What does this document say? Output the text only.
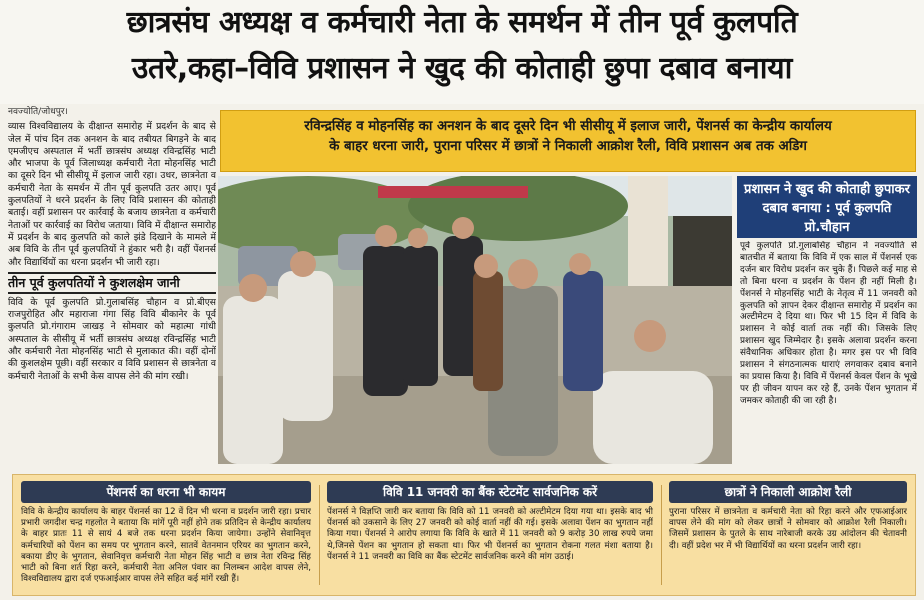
छात्रसंघ अध्यक्ष व कर्मचारी नेता के समर्थन में तीन पूर्व कुलपति
उतरे,कहा–विवि प्रशासन ने खुद की कोताही छुपा दबाव बनाया
नवज्योति/जोधपुर।
व्यास विश्वविद्यालय के दीक्षान्त समारोह में प्रदर्शन के बाद से जेल में पांच दिन तक अनशन के बाद तबीयत बिगड़ने के बाद एमजीएच अस्पताल में भर्ती छात्रसंघ अध्यक्ष रविन्द्रसिंह भाटी और भाजपा के पूर्व जिलाध्यक्ष कर्मचारी नेता मोहनसिंह भाटी का दूसरे दिन भी सीसीयू में इलाज जारी रहा। उधर, छात्रनेता व कर्मचारी नेता के समर्थन में तीन पूर्व कुलपति उतर आए। पूर्व कुलपतियों ने धरने प्रदर्शन के लिए विवि प्रशासन की कोताही बताई। वहीं प्रशासन पर कार्रवाई के बजाय छात्रनेता व कर्मचारी नेताओं पर कार्रवाई का विरोध जताया। विवि में दीक्षान्त समारोह में प्रदर्शन के बाद कुलपति को काले झंडे दिखाने के मामले में अब विवि के तीन पूर्व कुलपतियों ने हुंकार भरी है। वहीं पेंशनर्स और विद्यार्थियों का धरना प्रदर्शन भी जारी रहा।
तीन पूर्व कुलपतियों ने कुशलक्षेम जानी
विवि के पूर्व कुलपति प्रो.गुलाबसिंह चौहान व प्रो.बीएस राजपुरोहित और महाराजा गंगा सिंह विवि बीकानेर के पूर्व कुलपति प्रो.गंगाराम जाखड़ ने सोमवार को महात्मा गांधी अस्पताल के सीसीयू में भर्ती छात्रसंघ अध्यक्ष रविन्द्रसिंह भाटी और कर्मचारी नेता मोहनसिंह भाटी से मुलाकात की। वहीं दोनों की कुशलक्षेम पूछी। वहीं सरकार व विवि प्रशासन से छात्रनेता व कर्मचारी नेताओं के सभी केस वापस लेने की मांग रखी।
रविन्द्रसिंह व मोहनसिंह का अनशन के बाद दूसरे दिन भी सीसीयू में इलाज जारी, पेंशनर्स का केन्द्रीय कार्यालय
के बाहर धरना जारी, पुराना परिसर में छात्रों ने निकाली आक्रोश रैली, विवि प्रशासन अब तक अडिग
प्रशासन ने खुद की कोताही छुपाकर दबाव बनाया : पूर्व कुलपति प्रो.चौहान
पूर्व कुलपति प्रो.गुलाबसिंह चौहान ने नवज्योति से बातचीत में बताया कि विवि में एक साल में पेंशनर्स एक दर्जन बार विरोध प्रदर्शन कर चुके हैं। पिछले कई माह से तो बिना धरना व प्रदर्शन के पेंशन ही नहीं मिली है। पेंशनर्स ने मोहनसिंह भाटी के नेतृत्व में 11 जनवरी को कुलपति को ज्ञापन देकर दीक्षान्त समारोह में प्रदर्शन का अल्टीमेटम दे दिया था। फिर भी 15 दिन में विवि के प्रशासन ने कोई वार्ता तक नहीं की। जिसके लिए प्रशासन खुद जिम्मेदार है। इसके अलावा प्रदर्शन करना संवैधानिक अधिकार होता है। मगर इस पर भी विवि प्रशासन ने संगठनात्मक धाराएं लगवाकर दबाव बनाने का प्रयास किया है। विवि में पेंशनर्स केवल पेंशन के भूखे पर ही जीवन यापन कर रहे हैं, उनके पेंशन भुगतान में जमकर कोताही की जा रही है।
पेंशनर्स का धरना भी कायम
विवि के केन्द्रीय कार्यालय के बाहर पेंशनर्स का 12 वें दिन भी धरना व प्रदर्शन जारी रहा। प्रचार प्रभारी जगदीश चन्द्र गहलोत ने बताया कि मांगें पूरी नहीं होने तक प्रतिदिन से केन्द्रीय कार्यालय के बाहर प्रातः 11 से सायं 4 बजे तक धरना प्रदर्शन किया जायेगा। उन्होंने सेवानिवृत्त कर्मचारियों को पेंशन का समय पर भुगतान करने, सातवें वेतनमान एरियर का भुगतान करने, बकाया डीए के भुगतान, सेवानिवृत्त कर्मचारी नेता मोहन सिंह भाटी व छात्र नेता रविन्द्र सिंह भाटी को बिना शर्त रिहा करने, कर्मचारी नेता अनिल पंवार का निलम्बन आदेश वापस लेने, विश्वविद्यालय द्वारा दर्ज एफआईआर वापस लेने सहित कई मांगें रखी हैं।
विवि 11 जनवरी का बैंक स्टेटमेंट सार्वजनिक करें
पेंशनर्स ने विज्ञप्ति जारी कर बताया कि विवि को 11 जनवरी को अल्टीमेटम दिया गया था। इसके बाद भी पेंशनर्स को उकसाने के लिए 27 जनवरी को कोई वार्ता नहीं की गई। इसके अलावा पेंशन का भुगतान नहीं किया गया। पेंशनर्स ने आरोप लगाया कि विवि के खाते में 11 जनवरी को 9 करोड़ 30 लाख रुपये जमा थे,जिनसे पेंशन का भुगतान हो सकता था। फिर भी पेंशनर्स का भुगतान रोकना गलत मंशा बताया है। पेंशनर्स ने 11 जनवरी का विवि का बैंक स्टेटमेंट सार्वजनिक करने की मांग उठाई।
छात्रों ने निकाली आक्रोश रैली
पुराना परिसर में छात्रनेता व कर्मचारी नेता को रिहा करने और एफआईआर वापस लेने की मांग को लेकर छात्रों ने सोमवार को आक्रोश रैली निकाली। जिसमें प्रशासन के पुतले के साथ नारेबाजी करके उग्र आंदोलन की चेतावनी दी। वहीं प्रदेश भर में भी विद्यार्थियों का धरना प्रदर्शन जारी रहा।
